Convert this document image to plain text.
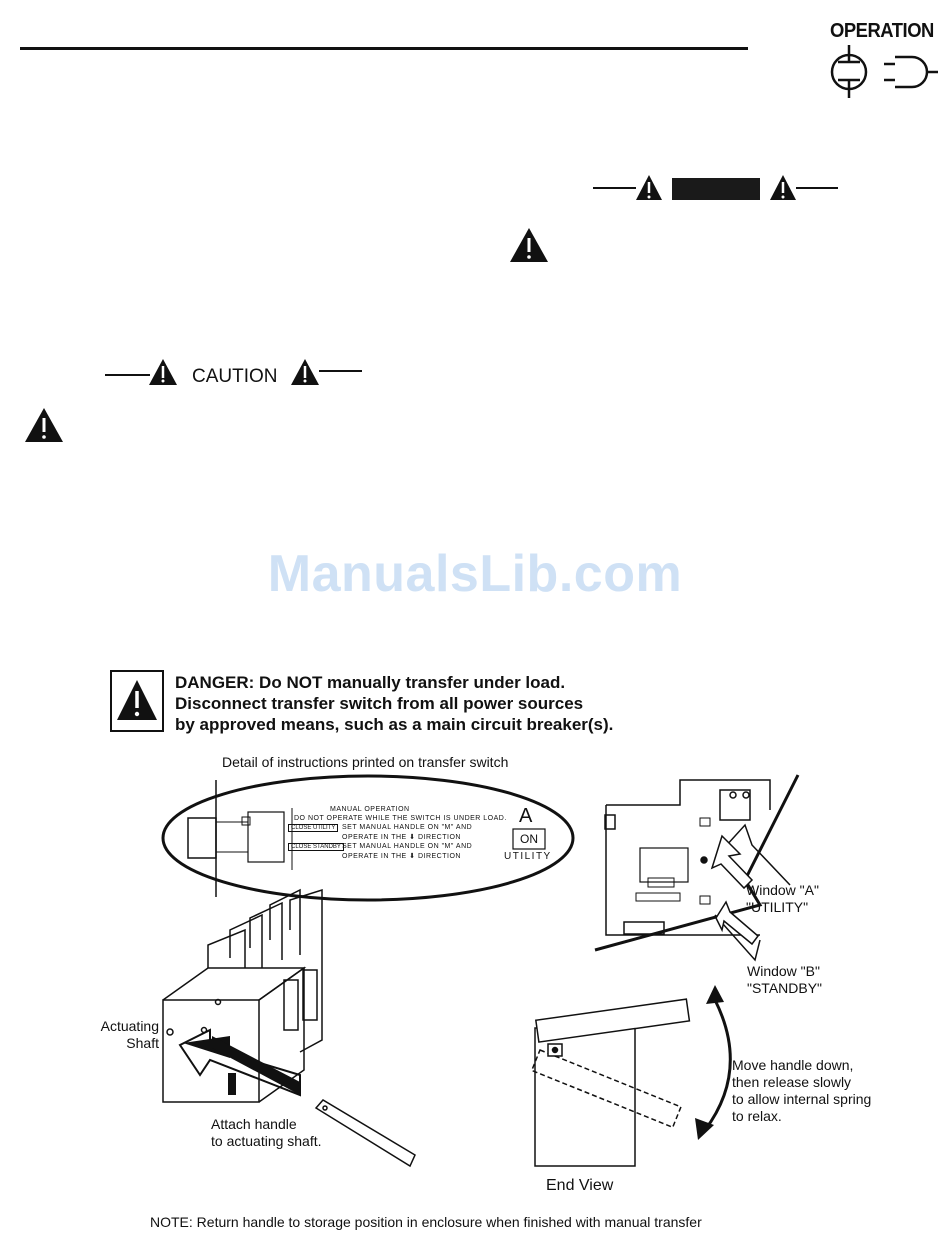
OPERATION
CAUTION
ManualsLib.com
DANGER: Do NOT manually transfer under load.
Disconnect transfer switch from all power sources
by approved means, such as a main circuit breaker(s).
Detail of instructions printed on transfer switch
MANUAL OPERATION
DO NOT OPERATE WHILE THE SWITCH IS UNDER LOAD.
CLOSE UTILITY SET MANUAL HANDLE ON "M" AND
OPERATE IN THE ⬇ DIRECTION
CLOSE STANDBY SET MANUAL HANDLE ON "M" AND
OPERATE IN THE ⬇ DIRECTION
A
ON
UTILITY
Window "A"
"UTILITY"
Window "B"
"STANDBY"
Actuating
Shaft
Attach handle
to actuating shaft.
Move handle down,
then release slowly
to allow internal spring
to relax.
End View
NOTE: Return handle to storage position in enclosure when finished with manual transfer
